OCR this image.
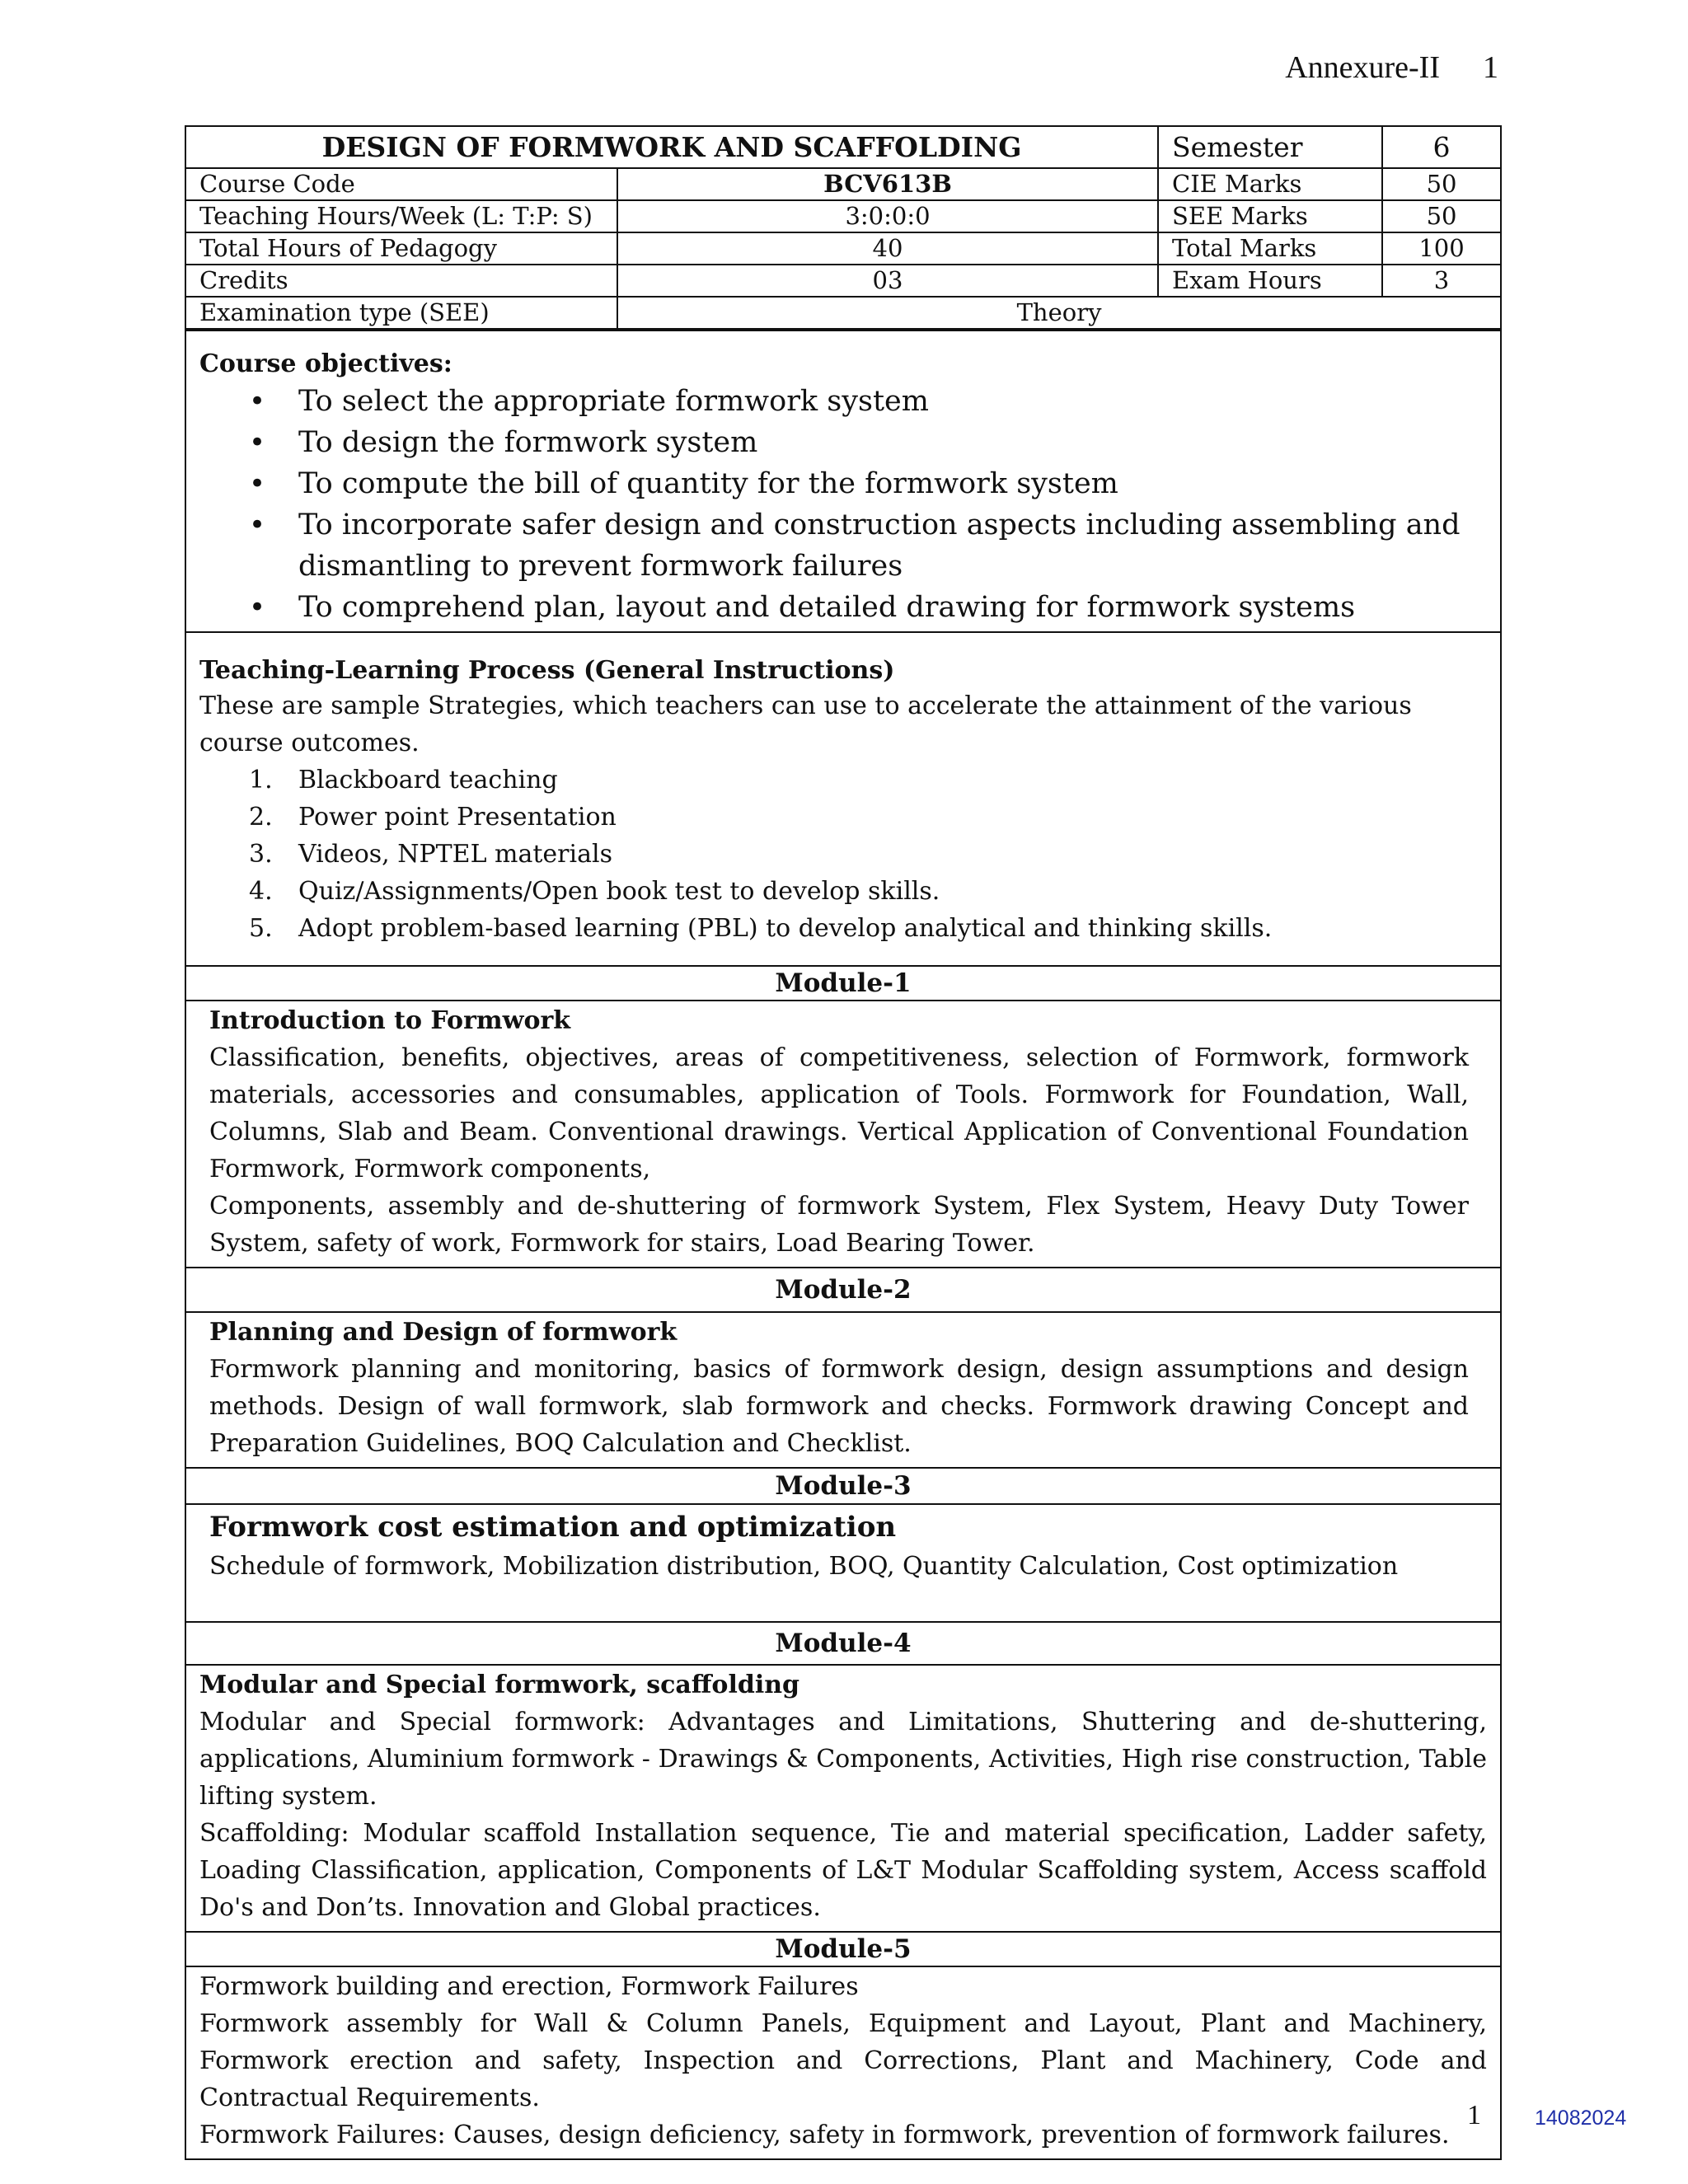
Annexure-II 1
DESIGN OF FORMWORK AND SCAFFOLDING		Semester	6
Course Code	BCV613B	CIE Marks	50
Teaching Hours/Week (L: T:P: S)	3:0:0:0	SEE Marks	50
Total Hours of Pedagogy	40	Total Marks	100
Credits	03	Exam Hours	3
Examination type (SEE)	Theory		
Course objectives:
• To select the appropriate formwork system
• To design the formwork system
• To compute the bill of quantity for the formwork system
• To incorporate safer design and construction aspects including assembling and dismantling to prevent formwork failures
• To comprehend plan, layout and detailed drawing for formwork systems
Teaching-Learning Process (General Instructions)
These are sample Strategies, which teachers can use to accelerate the attainment of the various course outcomes.
1.	Blackboard teaching
2.	Power point Presentation
3.	Videos, NPTEL materials
4.	Quiz/Assignments/Open book test to develop skills.
5.	Adopt problem-based learning (PBL) to develop analytical and thinking skills.
Module-1
Introduction to Formwork
Classification, benefits, objectives, areas of competitiveness, selection of Formwork, formwork materials, accessories and consumables, application of Tools. Formwork for Foundation, Wall, Columns, Slab and Beam. Conventional drawings. Vertical Application of Conventional Foundation Formwork, Formwork components,
Components, assembly and de-shuttering of formwork System, Flex System, Heavy Duty Tower System, safety of work, Formwork for stairs, Load Bearing Tower.
Module-2
Planning and Design of formwork
Formwork planning and monitoring, basics of formwork design, design assumptions and design methods. Design of wall formwork, slab formwork and checks. Formwork drawing Concept and Preparation Guidelines, BOQ Calculation and Checklist.
Module-3
Formwork cost estimation and optimization
Schedule of formwork, Mobilization distribution, BOQ, Quantity Calculation, Cost optimization
Module-4
Modular and Special formwork, scaffolding
Modular and Special formwork: Advantages and Limitations, Shuttering and de-shuttering, applications, Aluminium formwork - Drawings & Components, Activities, High rise construction, Table lifting system.
Scaffolding: Modular scaffold Installation sequence, Tie and material specification, Ladder safety, Loading Classification, application, Components of L&T Modular Scaffolding system, Access scaffold Do's and Don’ts. Innovation and Global practices.
Module-5
Formwork building and erection, Formwork Failures
Formwork assembly for Wall & Column Panels, Equipment and Layout, Plant and Machinery, Formwork erection and safety, Inspection and Corrections, Plant and Machinery, Code and Contractual Requirements.
Formwork Failures: Causes, design deficiency, safety in formwork, prevention of formwork failures.
1	14082024
